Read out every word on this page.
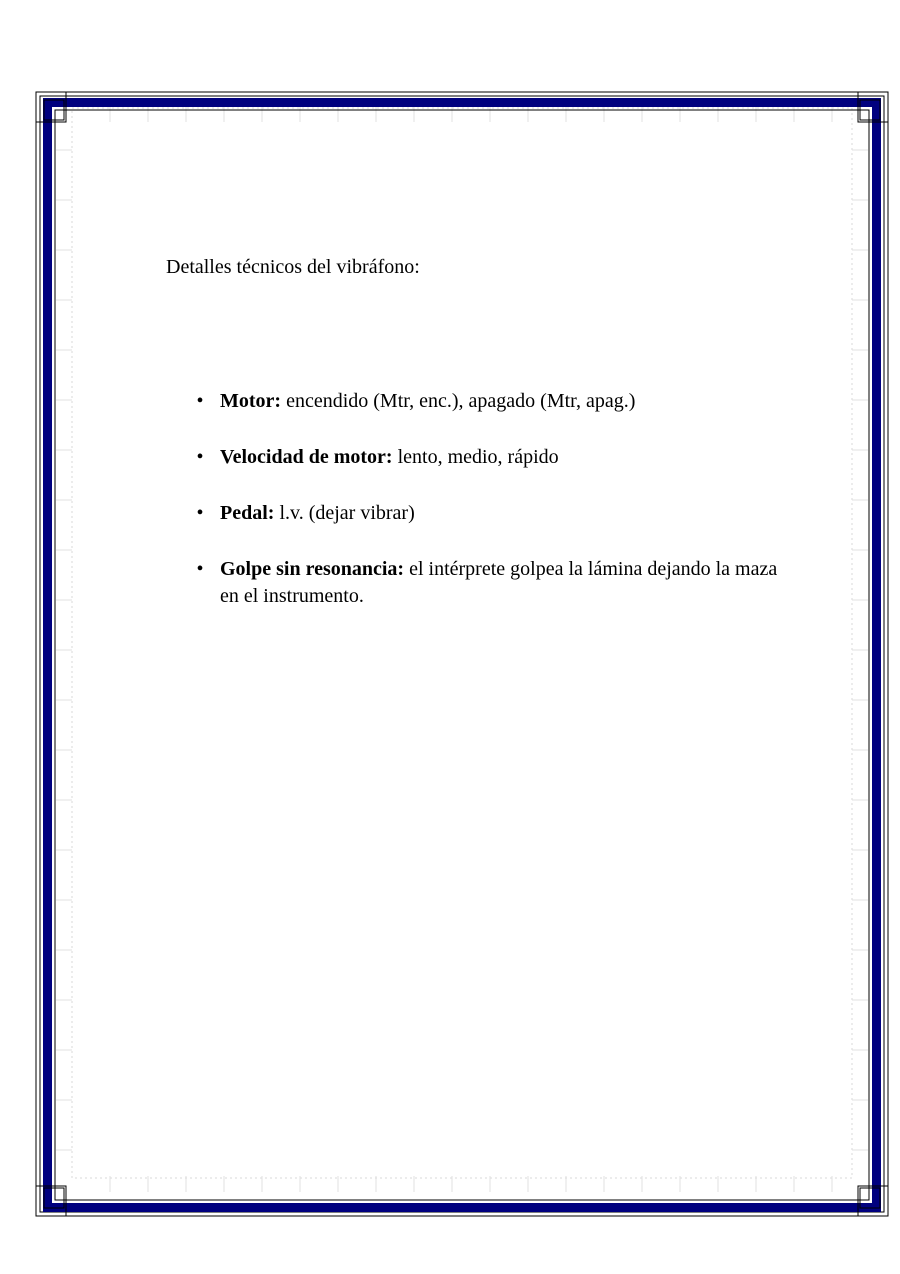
Detalles técnicos del vibráfono:

• Motor: encendido (Mtr, enc.), apagado (Mtr, apag.)
• Velocidad de motor: lento, medio, rápido
• Pedal: l.v. (dejar vibrar)
• Golpe sin resonancia: el intérprete golpea la lámina dejando la maza en el instrumento.
